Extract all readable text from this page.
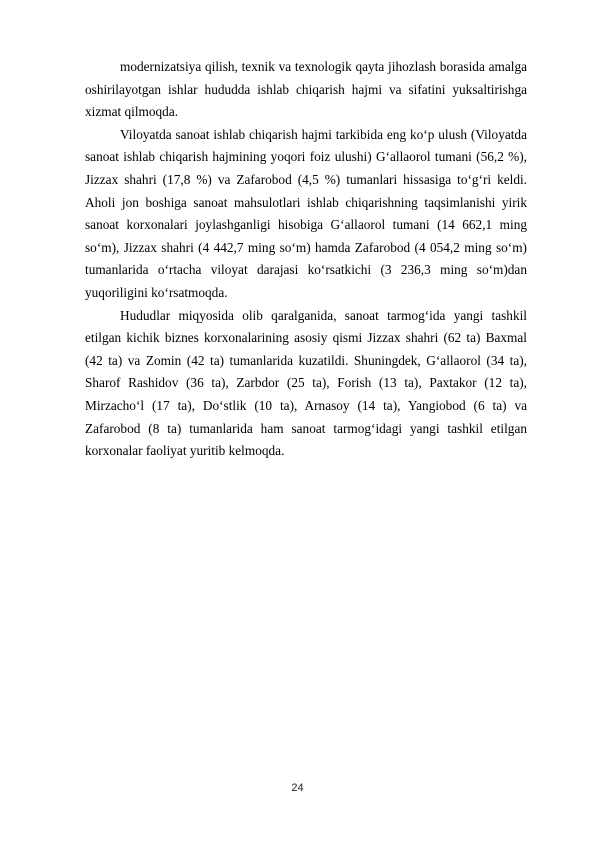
modernizatsiya qilish, texnik va texnologik qayta jihozlash borasida amalga oshirilayotgan ishlar hududda ishlab chiqarish hajmi va sifatini yuksaltirishga xizmat qilmoqda.

Viloyatda sanoat ishlab chiqarish hajmi tarkibida eng ko‘p ulush (Viloyatda sanoat ishlab chiqarish hajmining yoqori foiz ulushi) G‘allaorol tumani (56,2 %), Jizzax shahri (17,8 %) va Zafarobod (4,5 %) tumanlari hissasiga to‘g‘ri keldi. Aholi jon boshiga sanoat mahsulotlari ishlab chiqarishning taqsimlanishi yirik sanoat korxonalari joylashganligi hisobiga G‘allaorol tumani (14 662,1 ming so‘m), Jizzax shahri (4 442,7 ming so‘m) hamda Zafarobod (4 054,2 ming so‘m) tumanlarida o‘rtacha viloyat darajasi ko‘rsatkichi (3 236,3 ming so‘m)dan yuqoriligini ko‘rsatmoqda.

Hududlar miqyosida olib qaralganida, sanoat tarmog‘ida yangi tashkil etilgan kichik biznes korxonalarining asosiy qismi Jizzax shahri (62 ta) Baxmal (42 ta) va Zomin (42 ta) tumanlarida kuzatildi. Shuningdek, G‘allaorol (34 ta), Sharof Rashidov (36 ta), Zarbdor (25 ta), Forish (13 ta), Paxtakor (12 ta), Mirzacho‘l (17 ta), Do‘stlik (10 ta), Arnasoy (14 ta), Yangiobod (6 ta) va Zafarobod (8 ta) tumanlarida ham sanoat tarmog‘idagi yangi tashkil etilgan korxonalar faoliyat yuritib kelmoqda.

24
